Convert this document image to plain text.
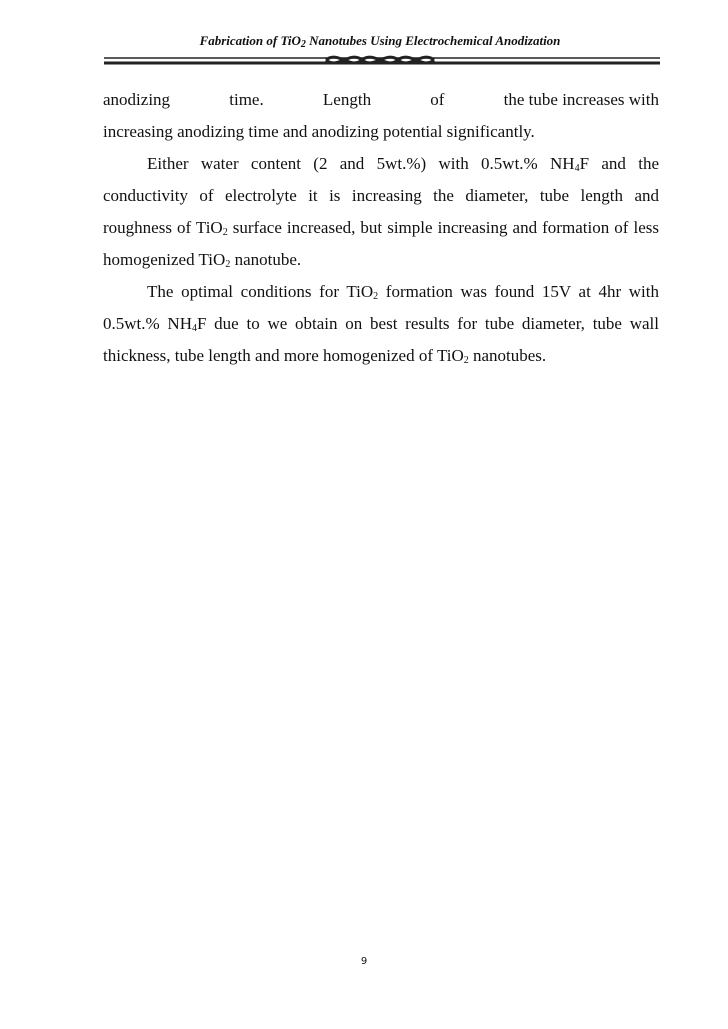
Fabrication of TiO$_2$ Nanotubes Using Electrochemical Anodization

anodizing	time.	Length	of	the tube increases with
increasing anodizing time and anodizing potential significantly.

Either water content (2 and 5wt.%) with 0.5wt.% $NH_4F$ and the conductivity of electrolyte it is increasing the diameter, tube length and roughness of TiO$_2$ surface increased, but simple increasing and formation of less homogenized TiO$_2$ nanotube.

The optimal conditions for TiO$_2$ formation was found 15V at 4hr with 0.5wt.% $NH_4F$ due to we obtain on best results for tube diameter, tube wall thickness, tube length and more homogenized of TiO$_2$ nanotubes.

9
